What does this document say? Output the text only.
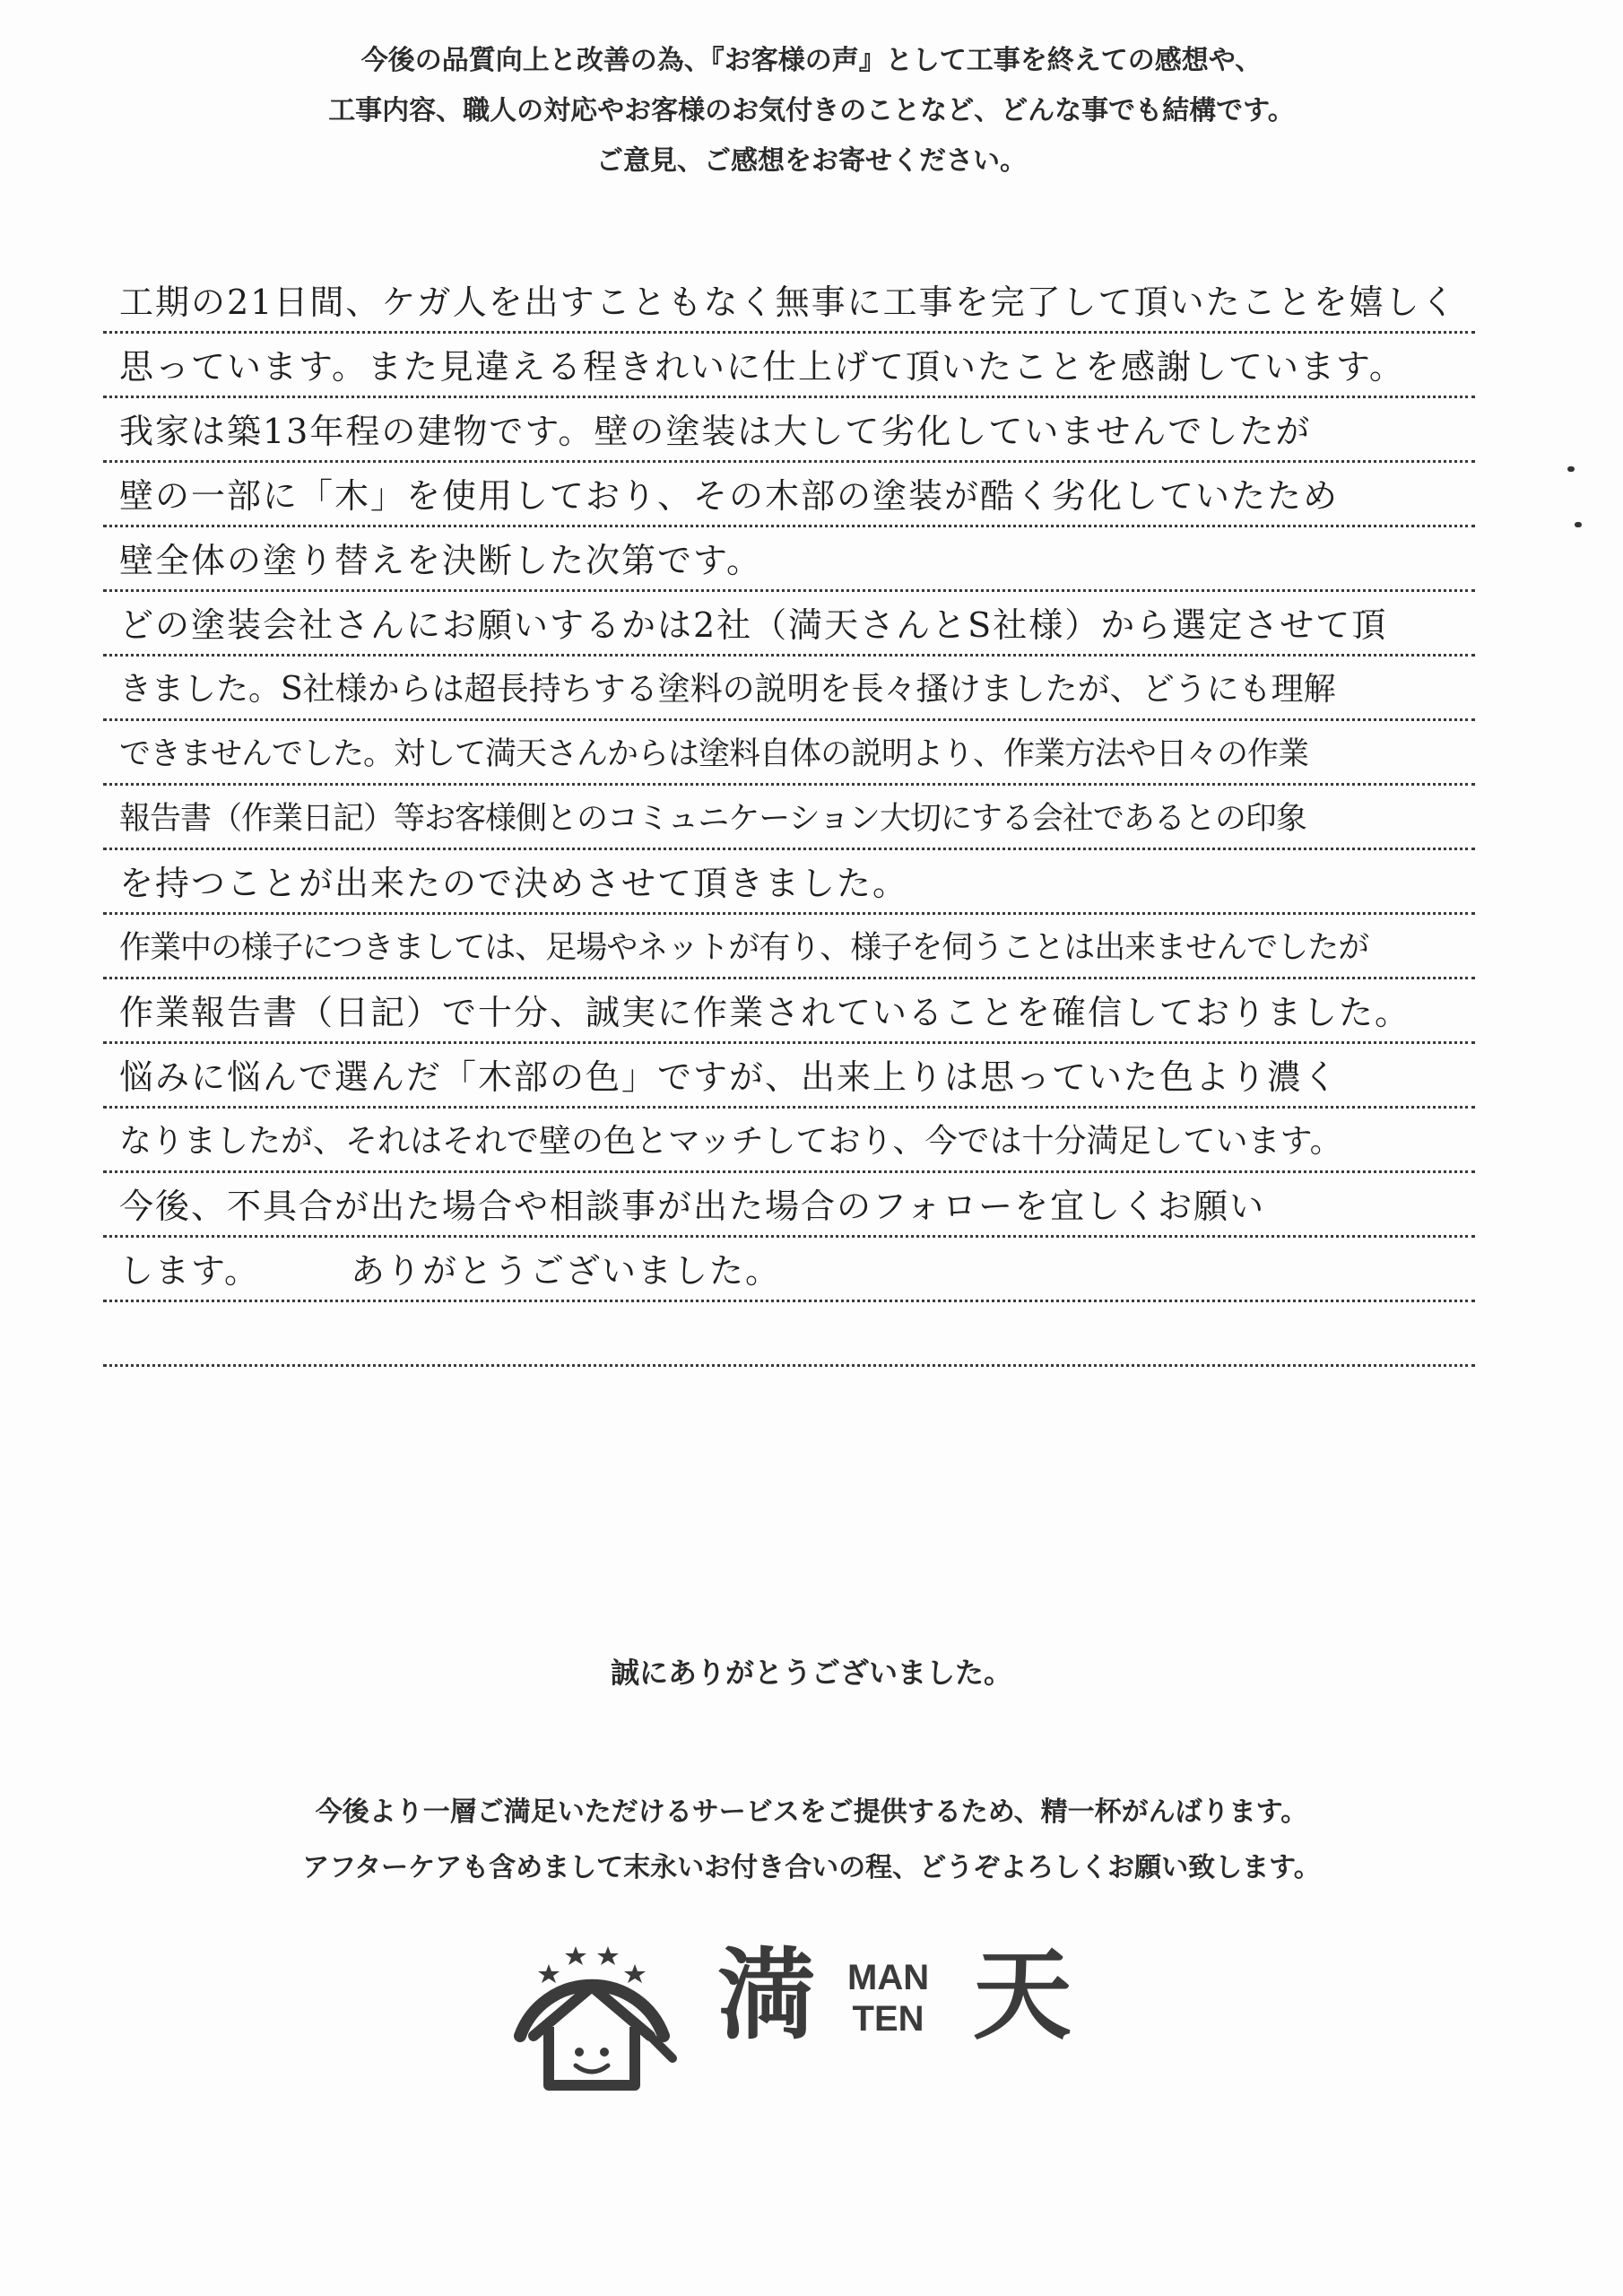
今後の品質向上と改善の為、『お客様の声』として工事を終えての感想や、
工事内容、職人の対応やお客様のお気付きのことなど、どんな事でも結構です。
ご意見、ご感想をお寄せください。
工期の21日間、ケガ人を出すこともなく無事に工事を完了して頂いたことを嬉しく
思っています。また見違える程きれいに仕上げて頂いたことを感謝しています。
我家は築13年程の建物です。壁の塗装は大して劣化していませんでしたが
壁の一部に「木」を使用しており、その木部の塗装が酷く劣化していたため
壁全体の塗り替えを決断した次第です。
どの塗装会社さんにお願いするかは2社（満天さんとS社様）から選定させて頂
きました。S社様からは超長持ちする塗料の説明を長々搔けましたが、どうにも理解
できませんでした。対して満天さんからは塗料自体の説明より、作業方法や日々の作業
報告書（作業日記）等お客様側とのコミュニケーション大切にする会社であるとの印象
を持つことが出来たので決めさせて頂きました。
作業中の様子につきましては、足場やネットが有り、様子を伺うことは出来ませんでしたが
作業報告書（日記）で十分、誠実に作業されていることを確信しておりました。
悩みに悩んで選んだ「木部の色」ですが、出来上りは思っていた色より濃く
なりましたが、それはそれで壁の色とマッチしており、今では十分満足しています。
今後、不具合が出た場合や相談事が出た場合のフォローを宜しくお願い
します。　　　ありがとうございました。
誠にありがとうございました。
今後より一層ご満足いただけるサービスをご提供するため、精一杯がんばります。
アフターケアも含めまして末永いお付き合いの程、どうぞよろしくお願い致します。
満 MAN
TEN 天
